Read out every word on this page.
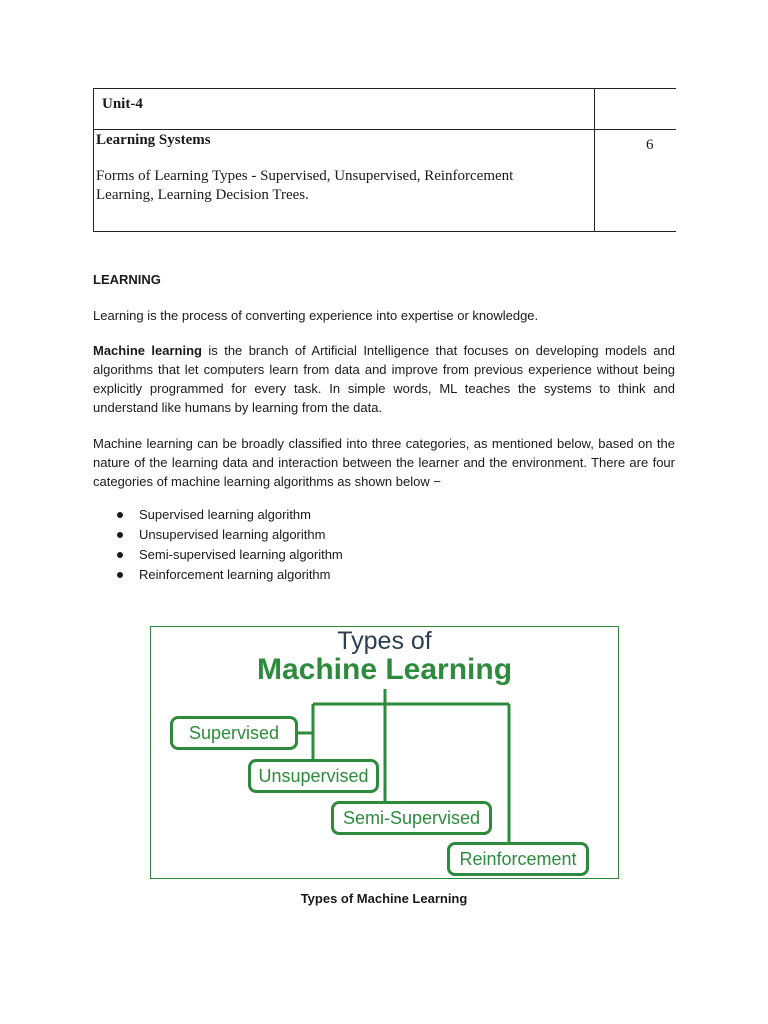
Unit-4
Learning Systems
Forms of Learning Types - Supervised, Unsupervised, Reinforcement
Learning, Learning Decision Trees.
6
LEARNING
Learning is the process of converting experience into expertise or knowledge.
Machine learning is the branch of Artificial Intelligence that focuses on developing models and algorithms that let computers learn from data and improve from previous experience without being explicitly programmed for every task. In simple words, ML teaches the systems to think and understand like humans by learning from the data.
Machine learning can be broadly classified into three categories, as mentioned below, based on the nature of the learning data and interaction between the learner and the environment. There are four categories of machine learning algorithms as shown below −
Supervised learning algorithm
Unsupervised learning algorithm
Semi-supervised learning algorithm
Reinforcement learning algorithm
Types of
Machine Learning
Supervised
Unsupervised
Semi-Supervised
Reinforcement
Types of Machine Learning
